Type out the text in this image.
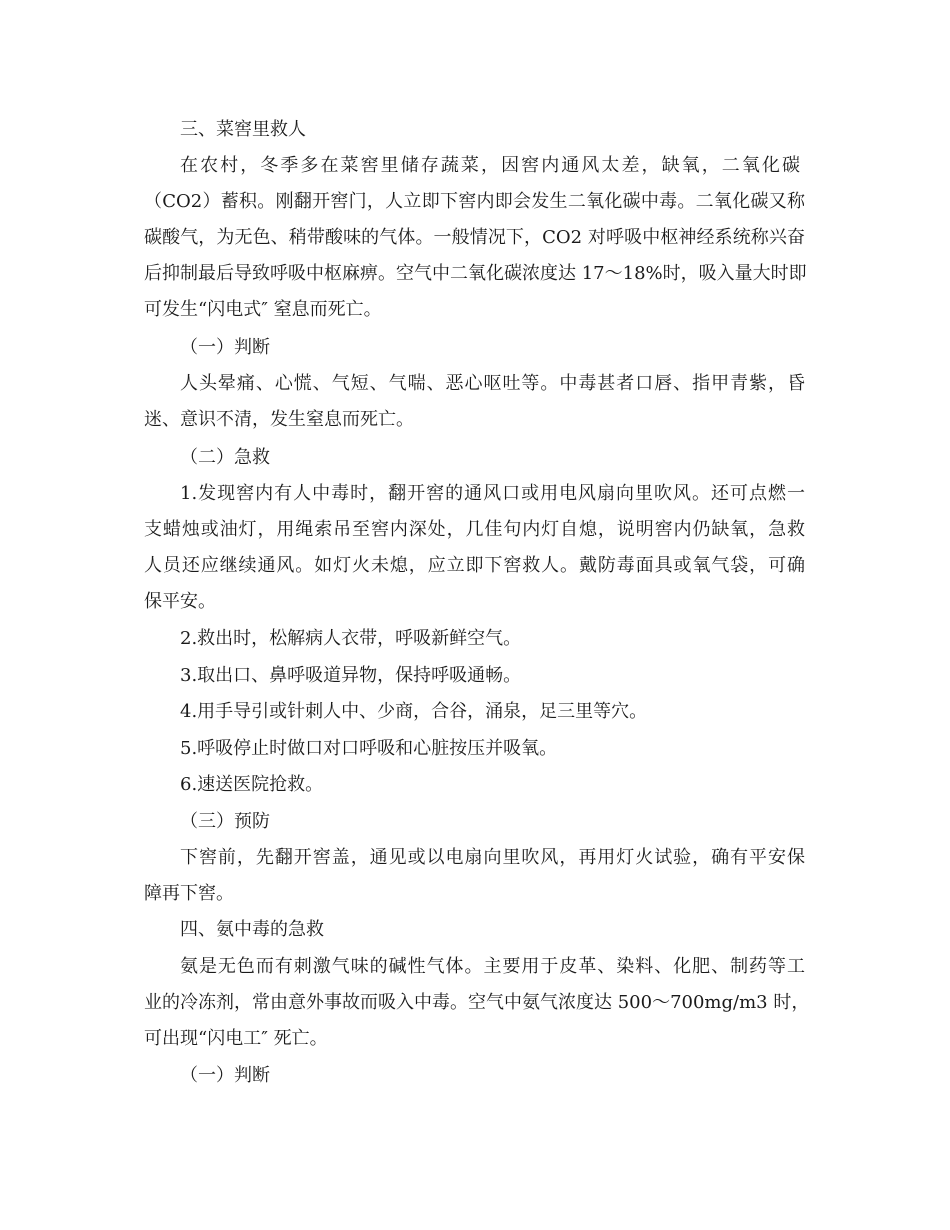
三、菜窖里救人
在农村，冬季多在菜窖里储存蔬菜，因窖内通风太差，缺氧，二氧化碳
（CO2）蓄积。刚翻开窖门，人立即下窖内即会发生二氧化碳中毒。二氧化碳又称
碳酸气，为无色、稍带酸味的气体。一般情况下，CO2 对呼吸中枢神经系统称兴奋
后抑制最后导致呼吸中枢麻痹。空气中二氧化碳浓度达 17～18%时，吸入量大时即
可发生“闪电式″ 窒息而死亡。
（一）判断
人头晕痛、心慌、气短、气喘、恶心呕吐等。中毒甚者口唇、指甲青紫，昏
迷、意识不清，发生窒息而死亡。
（二）急救
1.发现窖内有人中毒时，翻开窖的通风口或用电风扇向里吹风。还可点燃一
支蜡烛或油灯，用绳索吊至窖内深处，几佳句内灯自熄，说明窖内仍缺氧，急救
人员还应继续通风。如灯火未熄，应立即下窖救人。戴防毒面具或氧气袋，可确
保平安。
2.救出时，松解病人衣带，呼吸新鲜空气。
3.取出口、鼻呼吸道异物，保持呼吸通畅。
4.用手导引或针刺人中、少商，合谷，涌泉，足三里等穴。
5.呼吸停止时做口对口呼吸和心脏按压并吸氧。
6.速送医院抢救。
（三）预防
下窖前，先翻开窖盖，通见或以电扇向里吹风，再用灯火试验，确有平安保
障再下窖。
四、氨中毒的急救
氨是无色而有刺激气味的碱性气体。主要用于皮革、染料、化肥、制药等工
业的冷冻剂，常由意外事故而吸入中毒。空气中氨气浓度达 500～700mg/m3 时，
可出现“闪电工″ 死亡。
（一）判断
